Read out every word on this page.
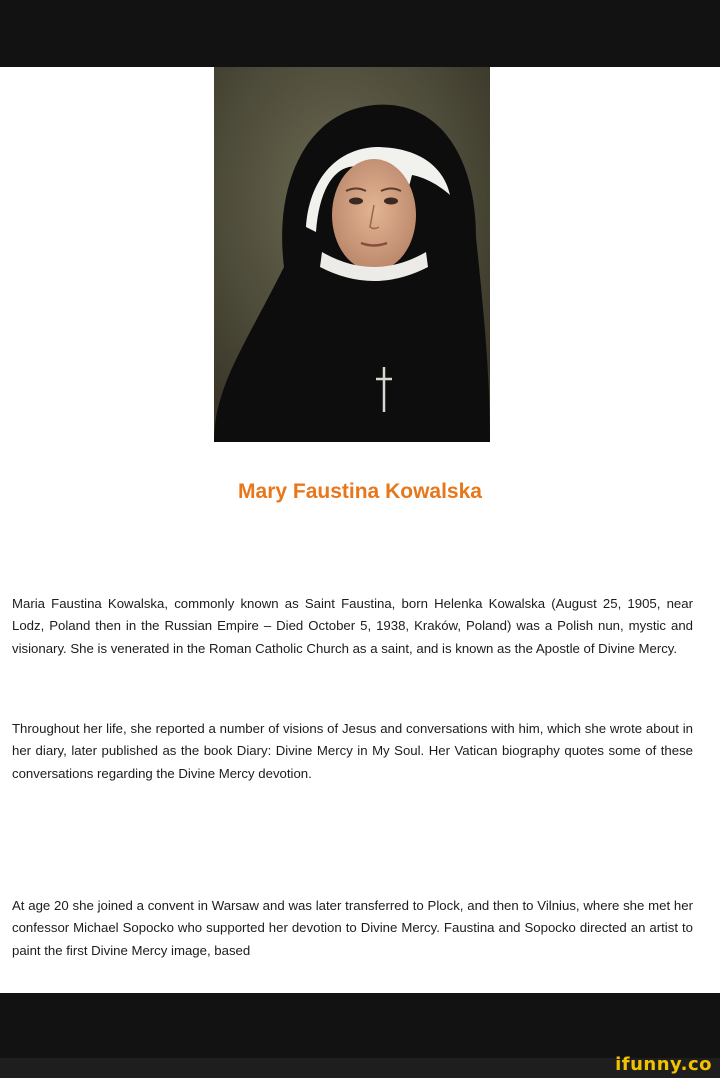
Mary Faustina Kowalska

Maria Faustina Kowalska, commonly known as Saint Faustina, born Helenka Kowalska (August 25, 1905, near Lodz, Poland then in the Russian Empire – Died October 5, 1938, Kraków, Poland) was a Polish nun, mystic and visionary. She is venerated in the Roman Catholic Church as a saint, and is known as the Apostle of Divine Mercy.

Throughout her life, she reported a number of visions of Jesus and conversations with him, which she wrote about in her diary, later published as the book Diary: Divine Mercy in My Soul. Her Vatican biography quotes some of these conversations regarding the Divine Mercy devotion.

At age 20 she joined a convent in Warsaw and was later transferred to Plock, and then to Vilnius, where she met her confessor Michael Sopocko who supported her devotion to Divine Mercy. Faustina and Sopocko directed an artist to paint the first Divine Mercy image, based

ifunny.co
